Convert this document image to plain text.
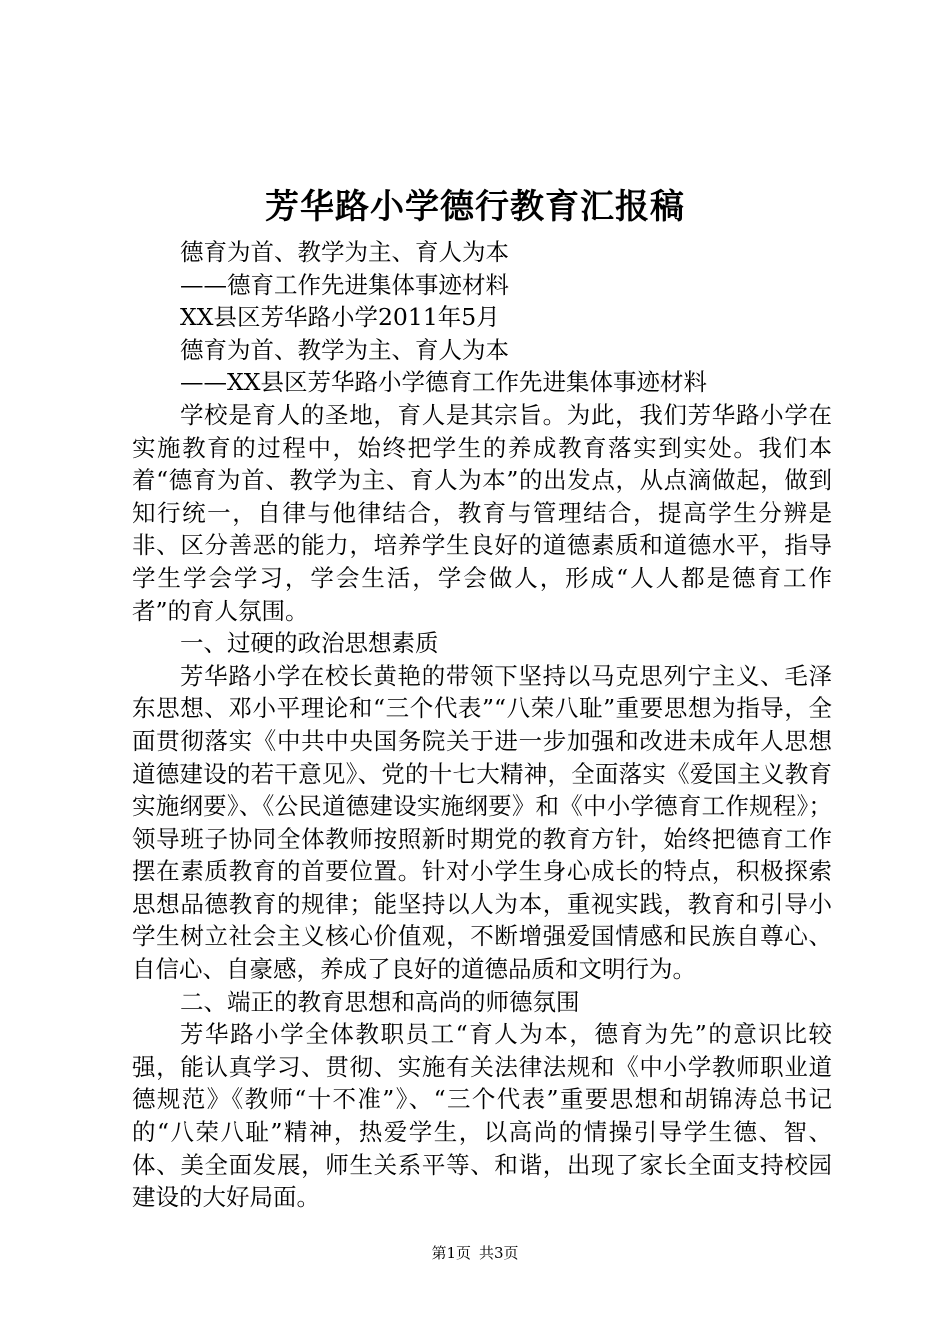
芳华路小学德行教育汇报稿

德育为首、教学为主、育人为本

——德育工作先进集体事迹材料

XX县区芳华路小学2011年5月

德育为首、教学为主、育人为本

——XX县区芳华路小学德育工作先进集体事迹材料

学校是育人的圣地，育人是其宗旨。为此，我们芳华路小学在实施教育的过程中，始终把学生的养成教育落实到实处。我们本着“德育为首、教学为主、育人为本”的出发点，从点滴做起，做到知行统一，自律与他律结合，教育与管理结合，提高学生分辨是非、区分善恶的能力，培养学生良好的道德素质和道德水平，指导学生学会学习，学会生活，学会做人，形成“人人都是德育工作者”的育人氛围。

一、过硬的政治思想素质

芳华路小学在校长黄艳的带领下坚持以马克思列宁主义、毛泽东思想、邓小平理论和“三个代表”“八荣八耻”重要思想为指导，全面贯彻落实《中共中央国务院关于进一步加强和改进未成年人思想道德建设的若干意见》、党的十七大精神，全面落实《爱国主义教育实施纲要》、《公民道德建设实施纲要》和《中小学德育工作规程》；领导班子协同全体教师按照新时期党的教育方针，始终把德育工作摆在素质教育的首要位置。针对小学生身心成长的特点，积极探索思想品德教育的规律；能坚持以人为本，重视实践，教育和引导小学生树立社会主义核心价值观，不断增强爱国情感和民族自尊心、自信心、自豪感，养成了良好的道德品质和文明行为。

二、端正的教育思想和高尚的师德氛围

芳华路小学全体教职员工“育人为本，德育为先”的意识比较强，能认真学习、贯彻、实施有关法律法规和《中小学教师职业道德规范》《教师“十不准”》、“三个代表”重要思想和胡锦涛总书记的“八荣八耻”精神，热爱学生，以高尚的情操引导学生德、智、体、美全面发展，师生关系平等、和谐，出现了家长全面支持校园建设的大好局面。

第1页 共3页
